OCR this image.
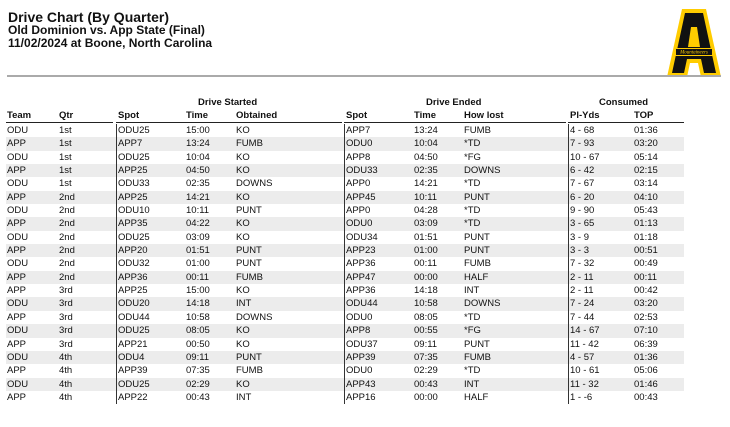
Drive Chart (By Quarter)
Old Dominion vs. App State (Final)
11/02/2024 at Boone, North Carolina
Mountaineers
Drive Started	Drive Ended	Consumed
Team	Qtr	Spot	Time	Obtained	Spot	Time	How lost	Pl-Yds	TOP
ODU	1st	ODU25	15:00	KO	APP7	13:24	FUMB	4 - 68	01:36
APP	1st	APP7	13:24	FUMB	ODU0	10:04	*TD	7 - 93	03:20
ODU	1st	ODU25	10:04	KO	APP8	04:50	*FG	10 - 67	05:14
APP	1st	APP25	04:50	KO	ODU33	02:35	DOWNS	6 - 42	02:15
ODU	1st	ODU33	02:35	DOWNS	APP0	14:21	*TD	7 - 67	03:14
APP	2nd	APP25	14:21	KO	APP45	10:11	PUNT	6 - 20	04:10
ODU	2nd	ODU10	10:11	PUNT	APP0	04:28	*TD	9 - 90	05:43
APP	2nd	APP35	04:22	KO	ODU0	03:09	*TD	3 - 65	01:13
ODU	2nd	ODU25	03:09	KO	ODU34	01:51	PUNT	3 - 9	01:18
APP	2nd	APP20	01:51	PUNT	APP23	01:00	PUNT	3 - 3	00:51
ODU	2nd	ODU32	01:00	PUNT	APP36	00:11	FUMB	7 - 32	00:49
APP	2nd	APP36	00:11	FUMB	APP47	00:00	HALF	2 - 11	00:11
APP	3rd	APP25	15:00	KO	APP36	14:18	INT	2 - 11	00:42
ODU	3rd	ODU20	14:18	INT	ODU44	10:58	DOWNS	7 - 24	03:20
APP	3rd	ODU44	10:58	DOWNS	ODU0	08:05	*TD	7 - 44	02:53
ODU	3rd	ODU25	08:05	KO	APP8	00:55	*FG	14 - 67	07:10
APP	3rd	APP21	00:50	KO	ODU37	09:11	PUNT	11 - 42	06:39
ODU	4th	ODU4	09:11	PUNT	APP39	07:35	FUMB	4 - 57	01:36
APP	4th	APP39	07:35	FUMB	ODU0	02:29	*TD	10 - 61	05:06
ODU	4th	ODU25	02:29	KO	APP43	00:43	INT	11 - 32	01:46
APP	4th	APP22	00:43	INT	APP16	00:00	HALF	1 - -6	00:43
